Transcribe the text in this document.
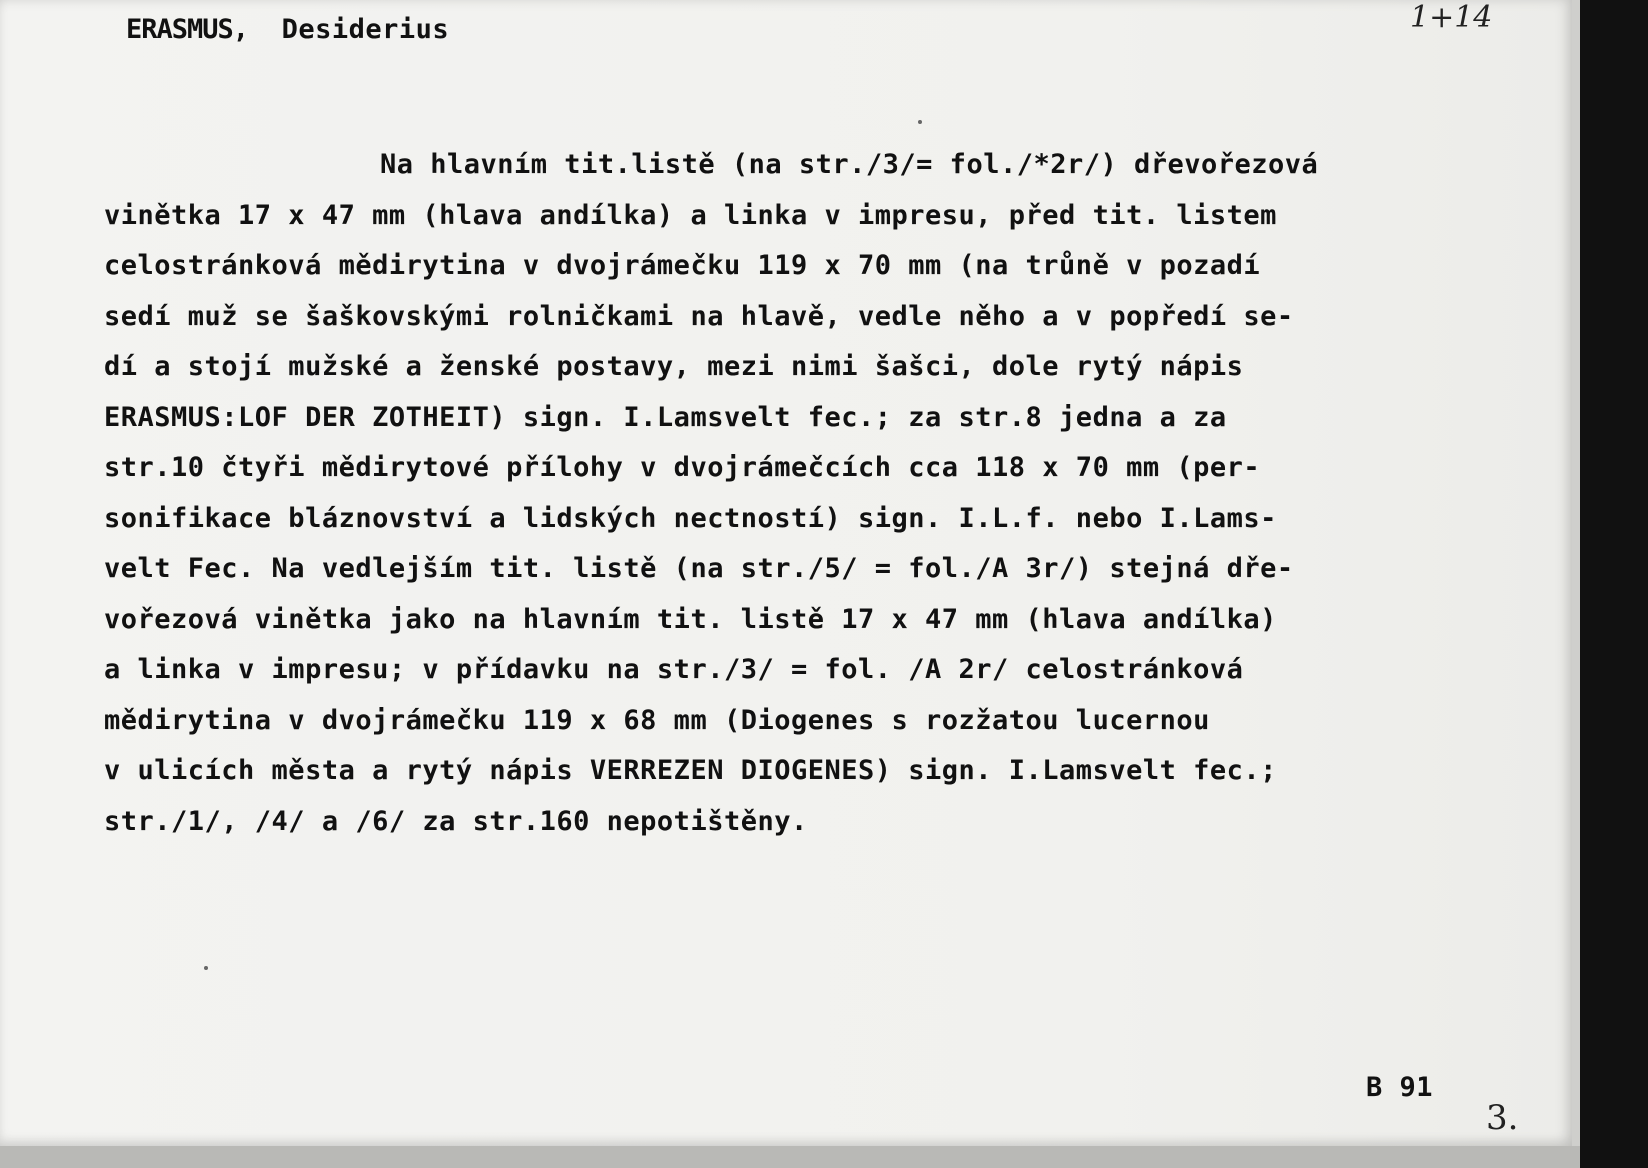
ERASMUS, Desiderius	1+14
Na hlavním tit.listě (na str./3/= fol./*2r/) dřevořezová
vinětka 17 x 47 mm (hlava andílka) a linka v impresu, před tit. listem
celostránková mědirytina v dvojrámečku 119 x 70 mm (na trůně v pozadí
sedí muž se šaškovskými rolničkami na hlavě, vedle něho a v popředí se-
dí a stojí mužské a ženské postavy, mezi nimi šašci, dole rytý nápis
ERASMUS:LOF DER ZOTHEIT) sign. I.Lamsvelt fec.; za str.8 jedna a za
str.10 čtyři mědirytové přílohy v dvojrámečcích cca 118 x 70 mm (per-
sonifikace bláznovství a lidských nectností) sign. I.L.f. nebo I.Lams-
velt Fec. Na vedlejším tit. listě (na str./5/ = fol./A 3r/) stejná dře-
vořezová vinětka jako na hlavním tit. listě 17 x 47 mm (hlava andílka)
a linka v impresu; v přídavku na str./3/ = fol. /A 2r/ celostránková
mědirytina v dvojrámečku 119 x 68 mm (Diogenes s rozžatou lucernou
v ulicích města a rytý nápis VERREZEN DIOGENES) sign. I.Lamsvelt fec.;
str./1/, /4/ a /6/ za str.160 nepotištěny.
B 91
3.
